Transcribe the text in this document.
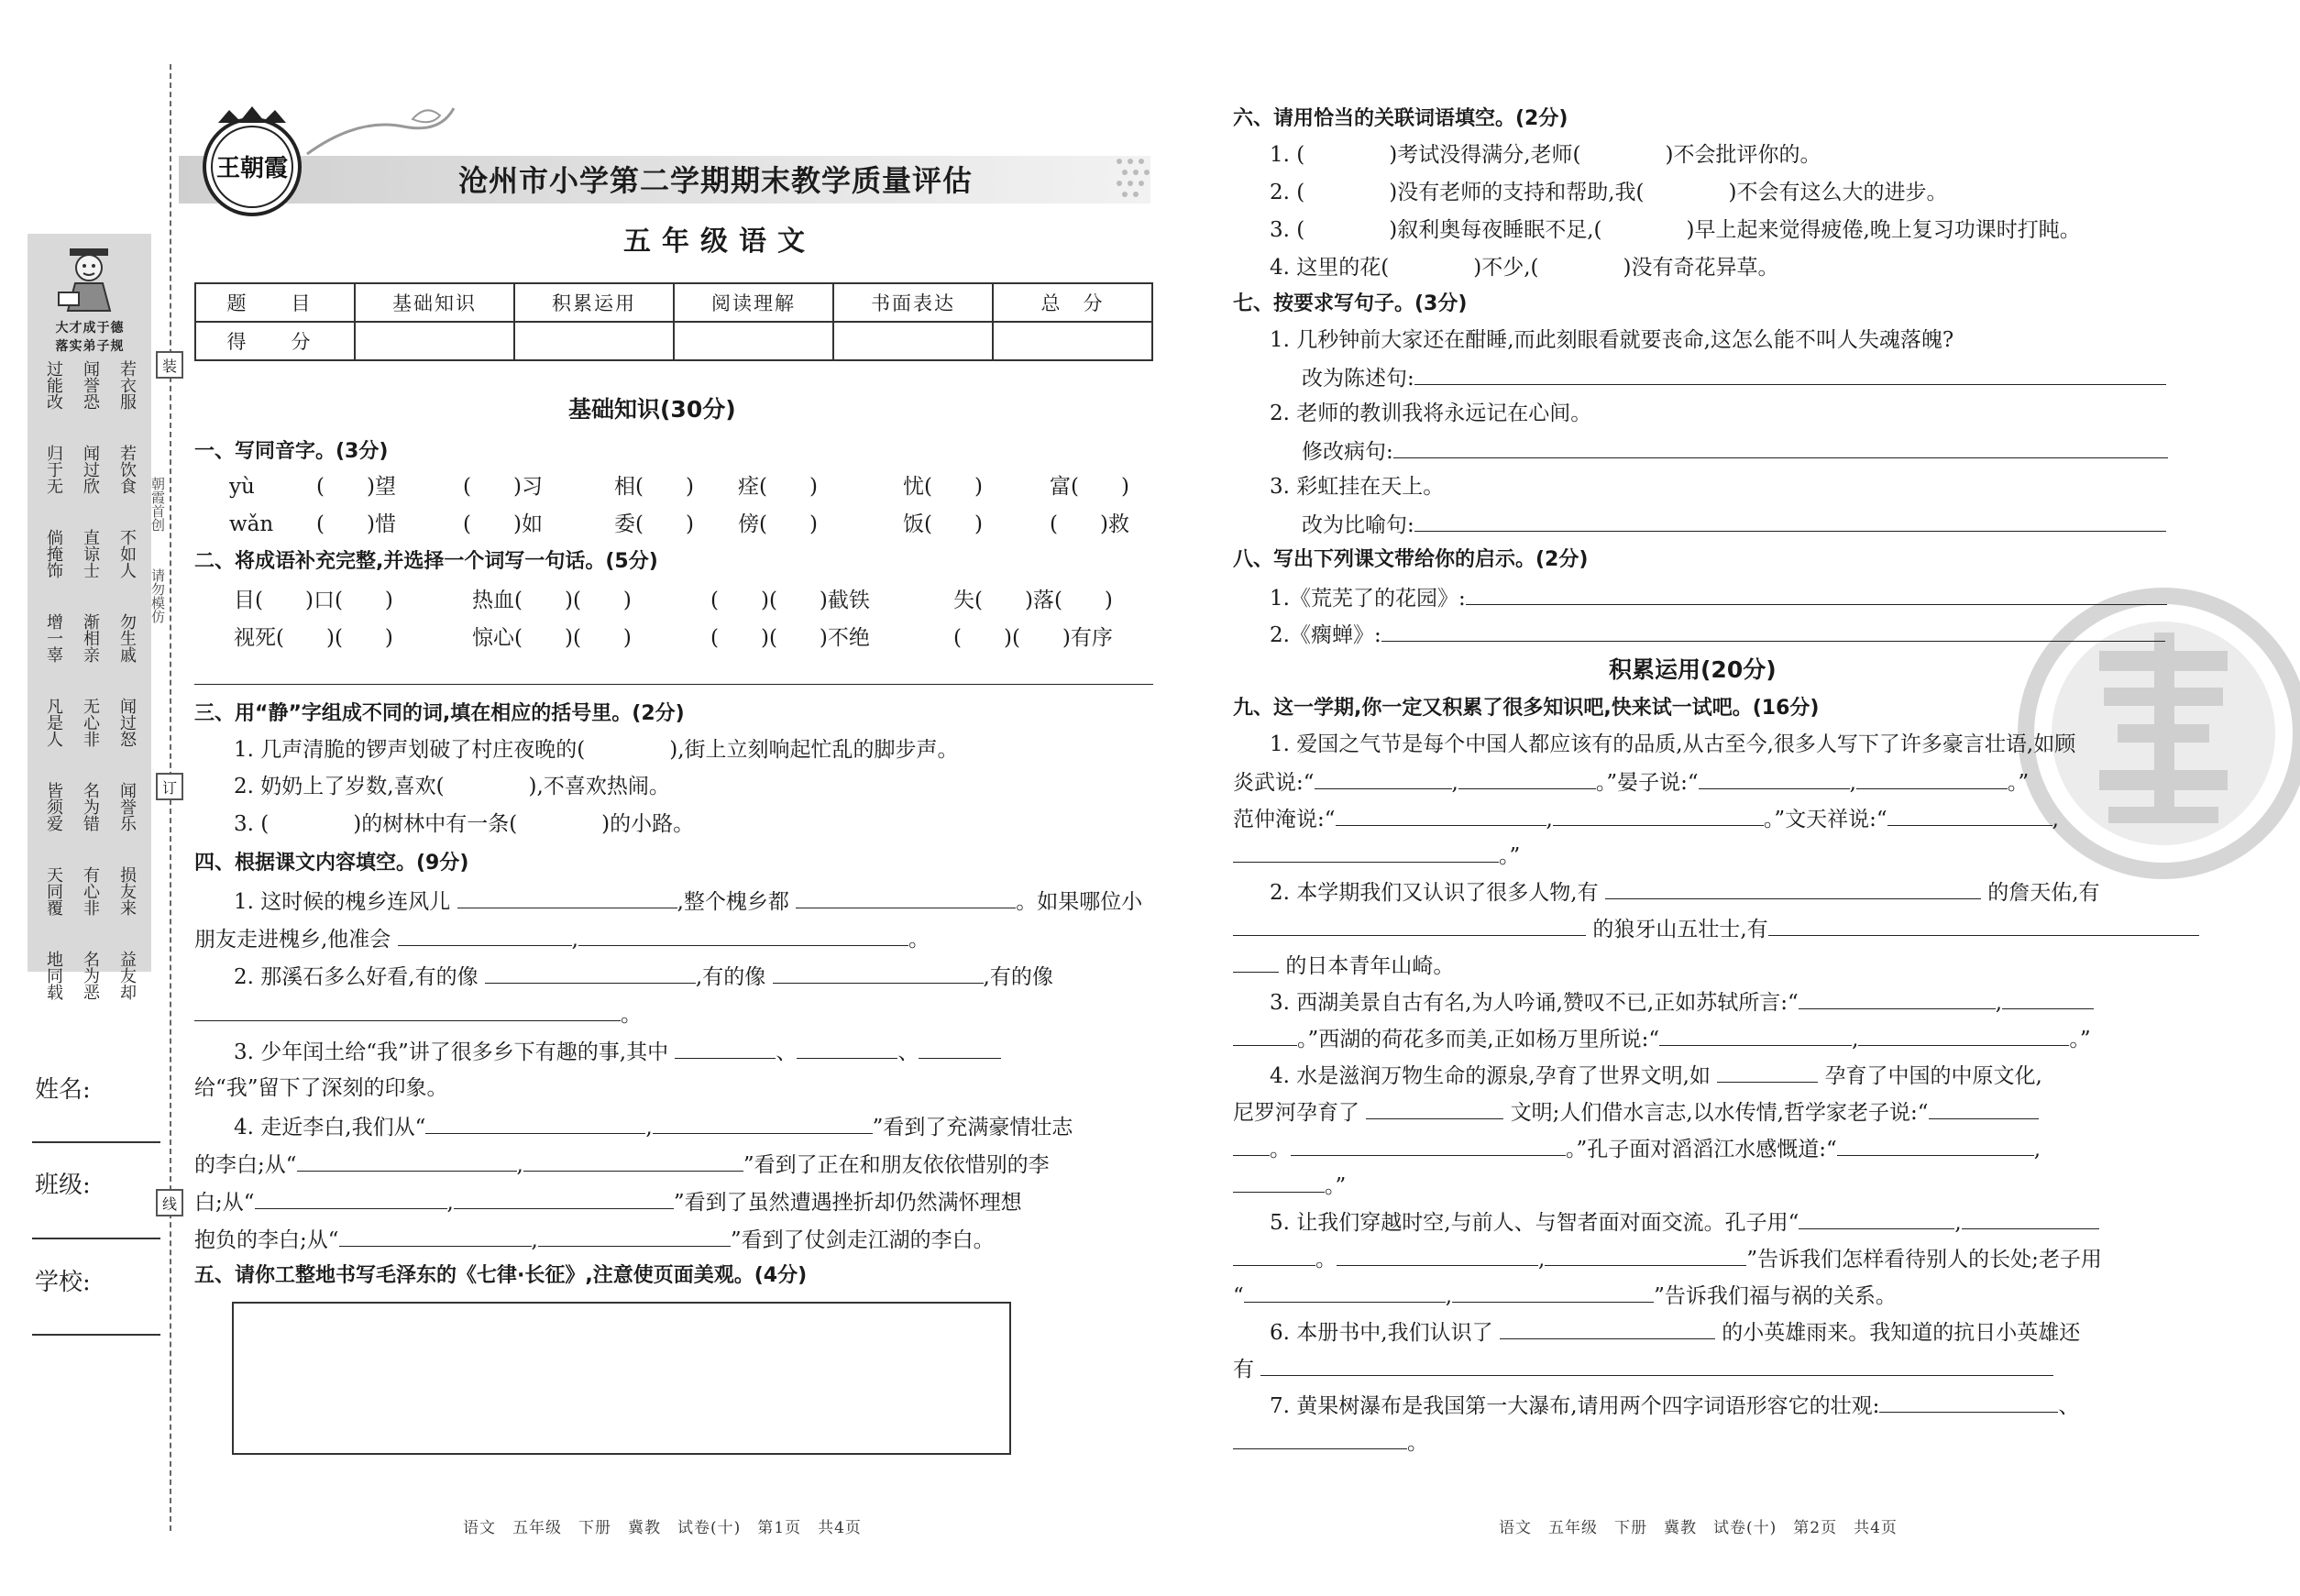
大才成于德
落实弟子规
过能改
归于无
倘掩饰
增一辜
凡是人
皆须爱
天同覆
地同载
闻誉恐
闻过欣
直谅士
渐相亲
无心非
名为错
有心非
名为恶
若衣服
若饮食
不如人
勿生戚
闻过怒
闻誉乐
损友来
益友却
姓名:
班级:
学校:
装
订
线
朝霞首创
请勿模仿
王朝霞	沧州市小学第二学期期末教学质量评估
五年级语文
题　目	基础知识	积累运用	阅读理解	书面表达	总　分
得　分					
基础知识(30分)
一、写同音字。(3分)
yù	(　　)望	(　　)习	相(　　) 痊(　　)	忧(　　)	富(　　)
wǎn (　　)惜	(　　)如	委(　　) 傍(　　)	饭(　　)	(　　)救
二、将成语补充完整,并选择一个词写一句话。(5分)
目(　　)口(　　)	热血(　　)(　　)	(　　)(　　)截铁	失(　　)落(　　)
视死(　　)(　　)	惊心(　　)(　　)	(　　)(　　)不绝	(　　)(　　)有序
三、用“静”字组成不同的词,填在相应的括号里。(2分)
1. 几声清脆的锣声划破了村庄夜晚的(　　　　),街上立刻响起忙乱的脚步声。
2. 奶奶上了岁数,喜欢(　　　　),不喜欢热闹。
3. (　　　　)的树林中有一条(　　　　)的小路。
四、根据课文内容填空。(9分)
1. 这时候的槐乡连风儿	,整个槐乡都	。如果哪位小
朋友走进槐乡,他准会	,	。
2. 那溪石多么好看,有的像	,有的像	,有的像
。
3. 少年闰土给“我”讲了很多乡下有趣的事,其中	、	、
给“我”留下了深刻的印象。
4. 走近李白,我们从“	,	”看到了充满豪情壮志
的李白;从“	,	”看到了正在和朋友依依惜别的李
白;从“	,	”看到了虽然遭遇挫折却仍然满怀理想
抱负的李白;从“	,	”看到了仗剑走江湖的李白。
五、请你工整地书写毛泽东的《七律·长征》,注意使页面美观。(4分)
语文　五年级　下册　冀教　试卷(十)　第1页　共4页
六、请用恰当的关联词语填空。(2分)
1. (　　　　)考试没得满分,老师(　　　　)不会批评你的。
2. (　　　　)没有老师的支持和帮助,我(　　　　)不会有这么大的进步。
3. (　　　　)叙利奥每夜睡眠不足,(　　　　)早上起来觉得疲倦,晚上复习功课时打盹。
4. 这里的花(　　　　)不少,(　　　　)没有奇花异草。
七、按要求写句子。(3分)
1. 几秒钟前大家还在酣睡,而此刻眼看就要丧命,这怎么能不叫人失魂落魄?
改为陈述句:
2. 老师的教训我将永远记在心间。
修改病句:
3. 彩虹挂在天上。
改为比喻句:
八、写出下列课文带给你的启示。(2分)
1.《荒芜了的花园》:
2.《瘸蝉》:
积累运用(20分)
九、这一学期,你一定又积累了很多知识吧,快来试一试吧。(16分)
1. 爱国之气节是每个中国人都应该有的品质,从古至今,很多人写下了许多豪言壮语,如顾
炎武说:“	,	。”晏子说:“	,	。”
范仲淹说:“	,	。”文天祥说:“	,
。”
2. 本学期我们又认识了很多人物,有	的詹天佑,有
的狼牙山五壮士,有
的日本青年山崎。
3. 西湖美景自古有名,为人吟诵,赞叹不已,正如苏轼所言:“	,
。”西湖的荷花多而美,正如杨万里所说:“	,	。”
4. 水是滋润万物生命的源泉,孕育了世界文明,如	孕育了中国的中原文化,
尼罗河孕育了	文明;人们借水言志,以水传情,哲学家老子说:“
。	。”孔子面对滔滔江水感慨道:“	,
。”
5. 让我们穿越时空,与前人、与智者面对面交流。孔子用“	,
。	,	”告诉我们怎样看待别人的长处;老子用
“	,	”告诉我们福与祸的关系。
6. 本册书中,我们认识了	的小英雄雨来。我知道的抗日小英雄还
有
7. 黄果树瀑布是我国第一大瀑布,请用两个四字词语形容它的壮观:	、
。
语文　五年级　下册　冀教　试卷(十)　第2页　共4页
